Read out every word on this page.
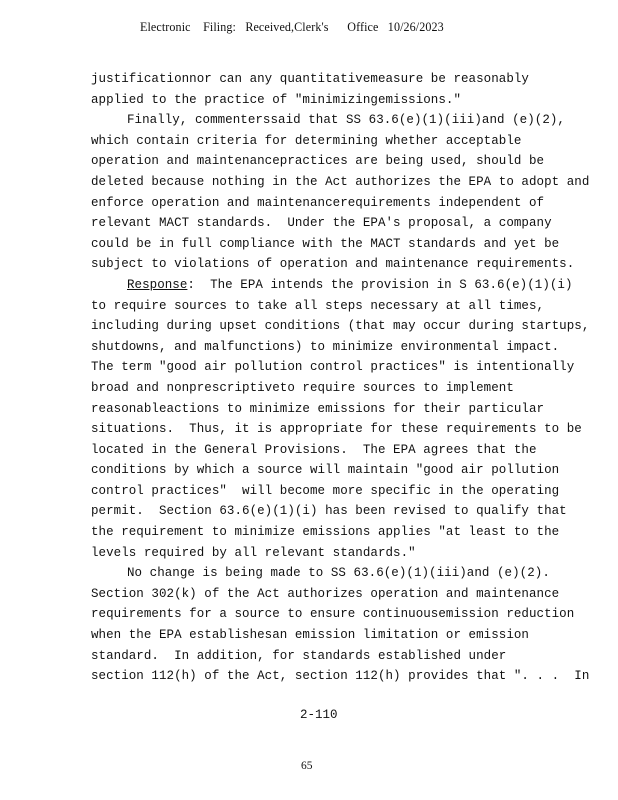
Electronic    Filing:   Received,Clerk's      Office   10/26/2023
justificationnor can any quantitativemeasure be reasonably
applied to the practice of "minimizingemissions."
Finally, commenterssaid that SS 63.6(e)(1)(iii)and (e)(2),
which contain criteria for determining whether acceptable
operation and maintenancepractices are being used, should be
deleted because nothing in the Act authorizes the EPA to adopt and
enforce operation and maintenancerequirements independent of
relevant MACT standards.  Under the EPA's proposal, a company
could be in full compliance with the MACT standards and yet be
subject to violations of operation and maintenance requirements.
Response:  The EPA intends the provision in S 63.6(e)(1)(i)
to require sources to take all steps necessary at all times,
including during upset conditions (that may occur during startups,
shutdowns, and malfunctions) to minimize environmental impact.
The term "good air pollution control practices" is intentionally
broad and nonprescriptiveto require sources to implement
reasonableactions to minimize emissions for their particular
situations.  Thus, it is appropriate for these requirements to be
located in the General Provisions.  The EPA agrees that the
conditions by which a source will maintain "good air pollution
control practices"  will become more specific in the operating
permit.  Section 63.6(e)(1)(i) has been revised to qualify that
the requirement to minimize emissions applies "at least to the
levels required by all relevant standards."
No change is being made to SS 63.6(e)(1)(iii)and (e)(2).
Section 302(k) of the Act authorizes operation and maintenance
requirements for a source to ensure continuousemission reduction
when the EPA establishesan emission limitation or emission
standard.  In addition, for standards established under
section 112(h) of the Act, section 112(h) provides that ". . .  In
2-110
65
